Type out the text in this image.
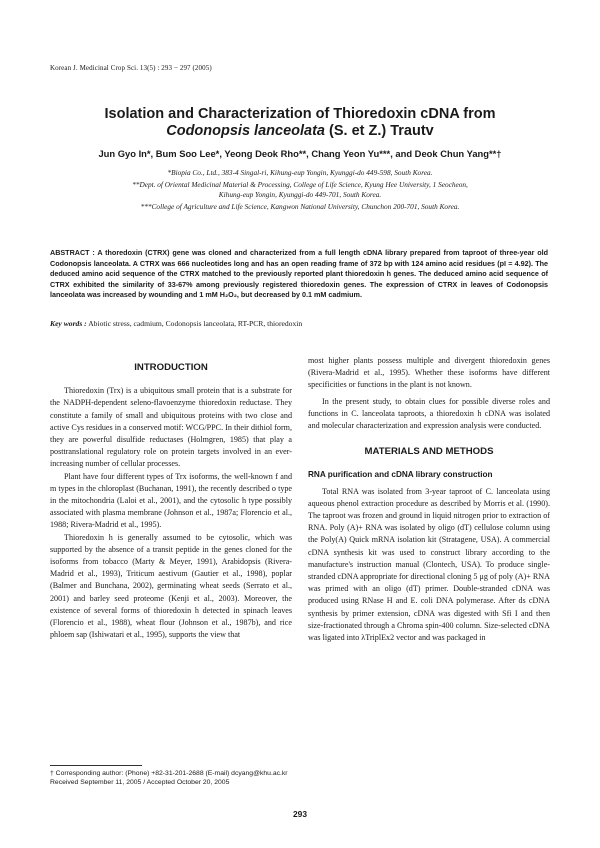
Korean J. Medicinal Crop Sci. 13(5) : 293 − 297 (2005)
Isolation and Characterization of Thioredoxin cDNA from
Codonopsis lanceolata (S. et Z.) Trautv
Jun Gyo In*, Bum Soo Lee*, Yeong Deok Rho**, Chang Yeon Yu***, and Deok Chun Yang**†
*Biopia Co., Ltd., 383-4 Singal-ri, Kihung-eup Yongin, Kyunggi-do 449-598, South Korea.
**Dept. of Oriental Medicinal Material & Processing, College of Life Science, Kyung Hee University, 1 Seocheon,
Kihung-eup Yongin, Kyunggi-do 449-701, South Korea.
***College of Agriculture and Life Science, Kangwon National University, Chunchon 200-701, South Korea.
ABSTRACT : A thoredoxin (CTRX) gene was cloned and characterized from a full length cDNA library prepared from taproot of three-year old Codonopsis lanceolata. A CTRX was 666 nucleotides long and has an open reading frame of 372 bp with 124 amino acid residues (pI = 4.92). The deduced amino acid sequence of the CTRX matched to the previously reported plant thioredoxin h genes. The deduced amino acid sequence of CTRX exhibited the similarity of 33-67% among previously registered thioredoxin genes. The expression of CTRX in leaves of Codonopsis lanceolata was increased by wounding and 1 mM H₂O₂, but decreased by 0.1 mM cadmium.
Key words : Abiotic stress, cadmium, Codonopsis lanceolata, RT-PCR, thioredoxin
INTRODUCTION

Thioredoxin (Trx) is a ubiquitous small protein that is a substrate for the NADPH-dependent seleno-flavoenzyme thioredoxin reductase. They constitute a family of small and ubiquitous proteins with two close and active Cys residues in a conserved motif: WCG/PPC. In their dithiol form, they are powerful disulfide reductases (Holmgren, 1985) that play a posttranslational regulatory role on protein targets involved in an ever-increasing number of cellular processes.

Plant have four different types of Trx isoforms, the well-known f and m types in the chloroplast (Buchanan, 1991), the recently described o type in the mitochondria (Laloi et al., 2001), and the cytosolic h type possibly associated with plasma membrane (Johnson et al., 1987a; Florencio et al., 1988; Rivera-Madrid et al., 1995).

Thioredoxin h is generally assumed to be cytosolic, which was supported by the absence of a transit peptide in the genes cloned for the isoforms from tobacco (Marty & Meyer, 1991), Arabidopsis (Rivera-Madrid et al., 1993), Triticum aestivum (Gautier et al., 1998), poplar (Balmer and Bunchana, 2002), germinating wheat seeds (Serrato et al., 2001) and barley seed proteome (Kenji et al., 2003). Moreover, the existence of several forms of thioredoxin h detected in spinach leaves (Florencio et al., 1988), wheat flour (Johnson et al., 1987b), and rice phloem sap (Ishiwatari et al., 1995), supports the view that

most higher plants possess multiple and divergent thioredoxin genes (Rivera-Madrid et al., 1995). Whether these isoforms have different specificities or functions in the plant is not known.

In the present study, to obtain clues for possible diverse roles and functions in C. lanceolata taproots, a thioredoxin h cDNA was isolated and molecular characterization and expression analysis were conducted.

MATERIALS AND METHODS
RNA purification and cDNA library construction

Total RNA was isolated from 3-year taproot of C. lanceolata using aqueous phenol extraction procedure as described by Morris et al. (1990). The taproot was frozen and ground in liquid nitrogen prior to extraction of RNA. Poly (A)+ RNA was isolated by oligo (dT) cellulose column using the Poly(A) Quick mRNA isolation kit (Stratagene, USA). A commercial cDNA synthesis kit was used to construct library according to the manufacture's instruction manual (Clontech, USA). To produce single-stranded cDNA appropriate for directional cloning 5 μg of poly (A)+ RNA was primed with an oligo (dT) primer. Double-stranded cDNA was produced using RNase H and E. coli DNA polymerase. After ds cDNA synthesis by primer extension, cDNA was digested with Sfi I and then size-fractionated through a Chroma spin-400 column. Size-selected cDNA was ligated into λTriplEx2 vector and was packaged in

† Corresponding author: (Phone) +82-31-201-2688 (E-mail) dcyang@khu.ac.kr
Received September 11, 2005 / Accepted October 20, 2005
293
